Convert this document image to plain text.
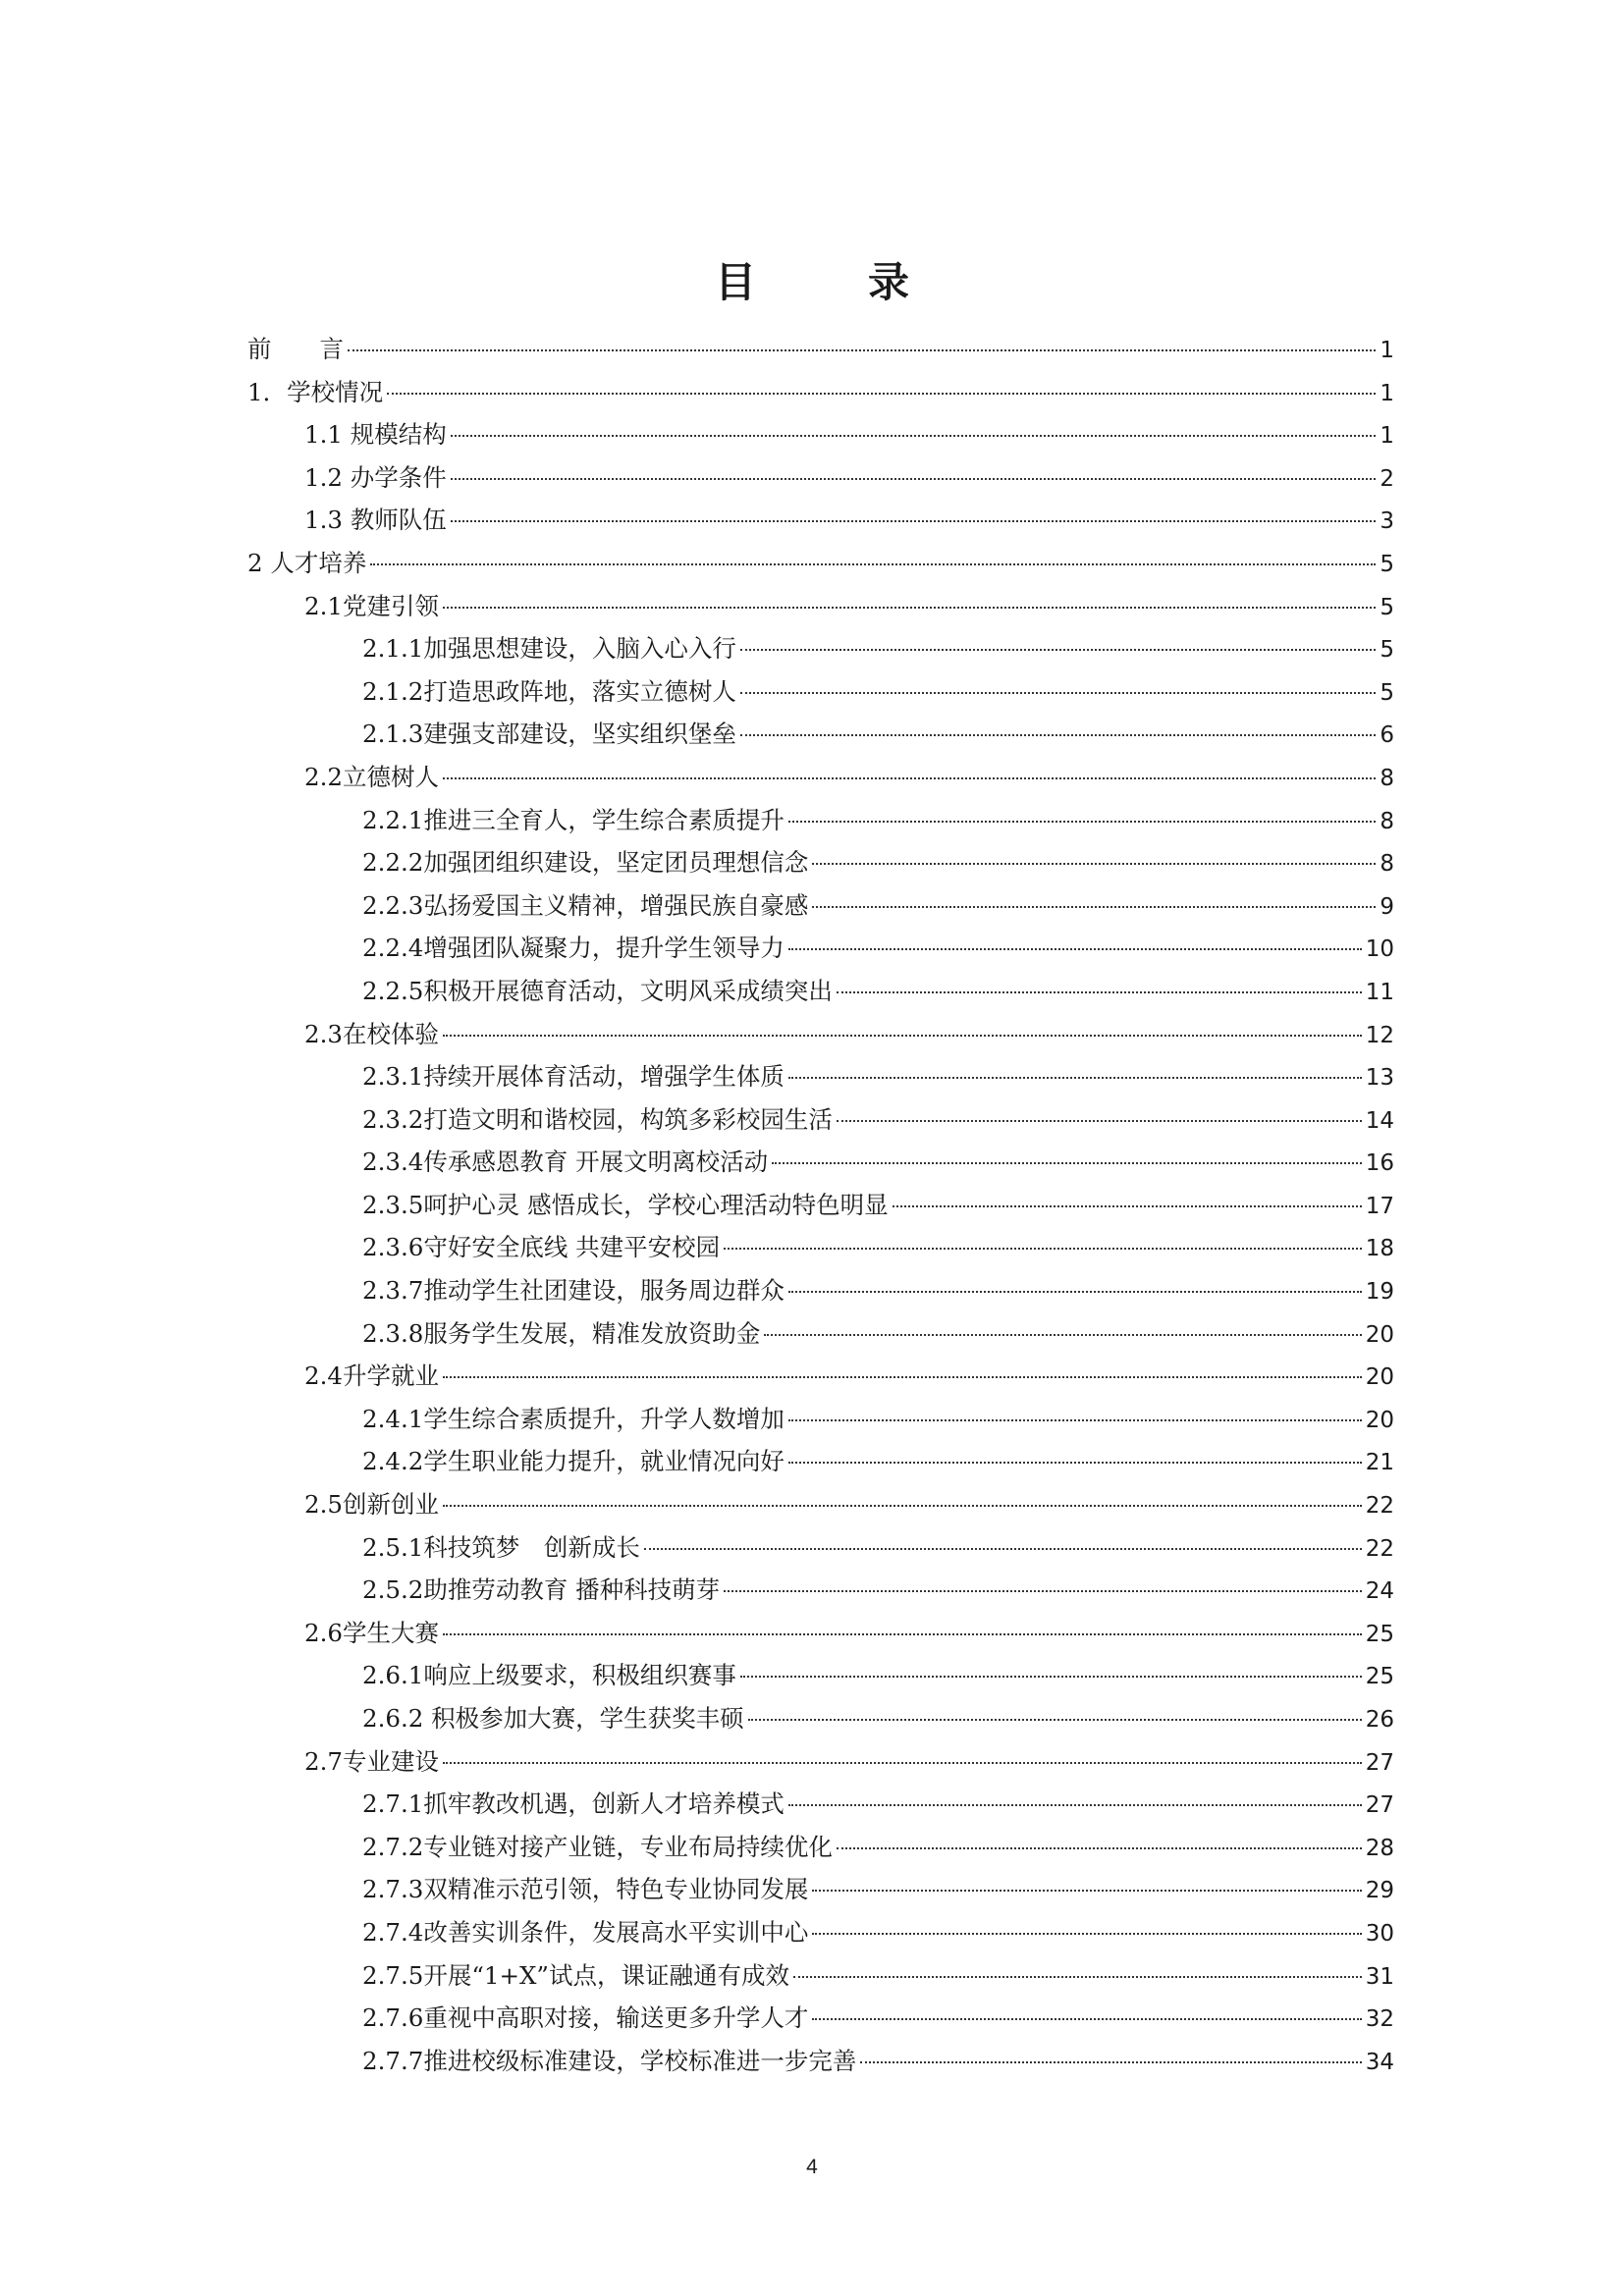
目　录
前　　言	1
1．学校情况	1
1.1 规模结构	1
1.2 办学条件	2
1.3 教师队伍	3
2 人才培养	5
2.1党建引领	5
2.1.1加强思想建设，入脑入心入行	5
2.1.2打造思政阵地，落实立德树人	5
2.1.3建强支部建设，坚实组织堡垒	6
2.2立德树人	8
2.2.1推进三全育人，学生综合素质提升	8
2.2.2加强团组织建设，坚定团员理想信念	8
2.2.3弘扬爱国主义精神，增强民族自豪感	9
2.2.4增强团队凝聚力，提升学生领导力	10
2.2.5积极开展德育活动，文明风采成绩突出	11
2.3在校体验	12
2.3.1持续开展体育活动，增强学生体质	13
2.3.2打造文明和谐校园，构筑多彩校园生活	14
2.3.4传承感恩教育 开展文明离校活动	16
2.3.5呵护心灵 感悟成长，学校心理活动特色明显	17
2.3.6守好安全底线 共建平安校园	18
2.3.7推动学生社团建设，服务周边群众	19
2.3.8服务学生发展，精准发放资助金	20
2.4升学就业	20
2.4.1学生综合素质提升，升学人数增加	20
2.4.2学生职业能力提升，就业情况向好	21
2.5创新创业	22
2.5.1科技筑梦　创新成长	22
2.5.2助推劳动教育 播种科技萌芽	24
2.6学生大赛	25
2.6.1响应上级要求，积极组织赛事	25
2.6.2 积极参加大赛，学生获奖丰硕	26
2.7专业建设	27
2.7.1抓牢教改机遇，创新人才培养模式	27
2.7.2专业链对接产业链，专业布局持续优化	28
2.7.3双精准示范引领，特色专业协同发展	29
2.7.4改善实训条件，发展高水平实训中心	30
2.7.5开展“1+X”试点，课证融通有成效	31
2.7.6重视中高职对接，输送更多升学人才	32
2.7.7推进校级标准建设，学校标准进一步完善	34
4
